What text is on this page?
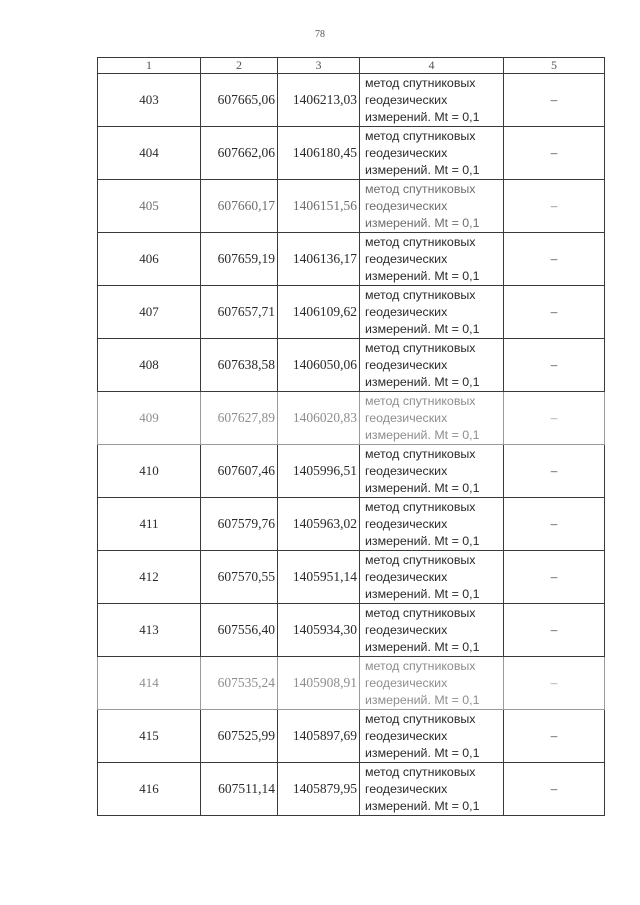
78
1	2	3	4	5
403	607665,06	1406213,03	метод спутниковых
геодезических
измерений. Mt = 0,1	–
404	607662,06	1406180,45	метод спутниковых
геодезических
измерений. Mt = 0,1	–
405	607660,17	1406151,56	метод спутниковых
геодезических
измерений. Mt = 0,1	–
406	607659,19	1406136,17	метод спутниковых
геодезических
измерений. Mt = 0,1	–
407	607657,71	1406109,62	метод спутниковых
геодезических
измерений. Mt = 0,1	–
408	607638,58	1406050,06	метод спутниковых
геодезических
измерений. Mt = 0,1	–
409	607627,89	1406020,83	метод спутниковых
геодезических
измерений. Mt = 0,1	–
410	607607,46	1405996,51	метод спутниковых
геодезических
измерений. Mt = 0,1	–
411	607579,76	1405963,02	метод спутниковых
геодезических
измерений. Mt = 0,1	–
412	607570,55	1405951,14	метод спутниковых
геодезических
измерений. Mt = 0,1	–
413	607556,40	1405934,30	метод спутниковых
геодезических
измерений. Mt = 0,1	–
414	607535,24	1405908,91	метод спутниковых
геодезических
измерений. Mt = 0,1	–
415	607525,99	1405897,69	метод спутниковых
геодезических
измерений. Mt = 0,1	–
416	607511,14	1405879,95	метод спутниковых
геодезических
измерений. Mt = 0,1	–
